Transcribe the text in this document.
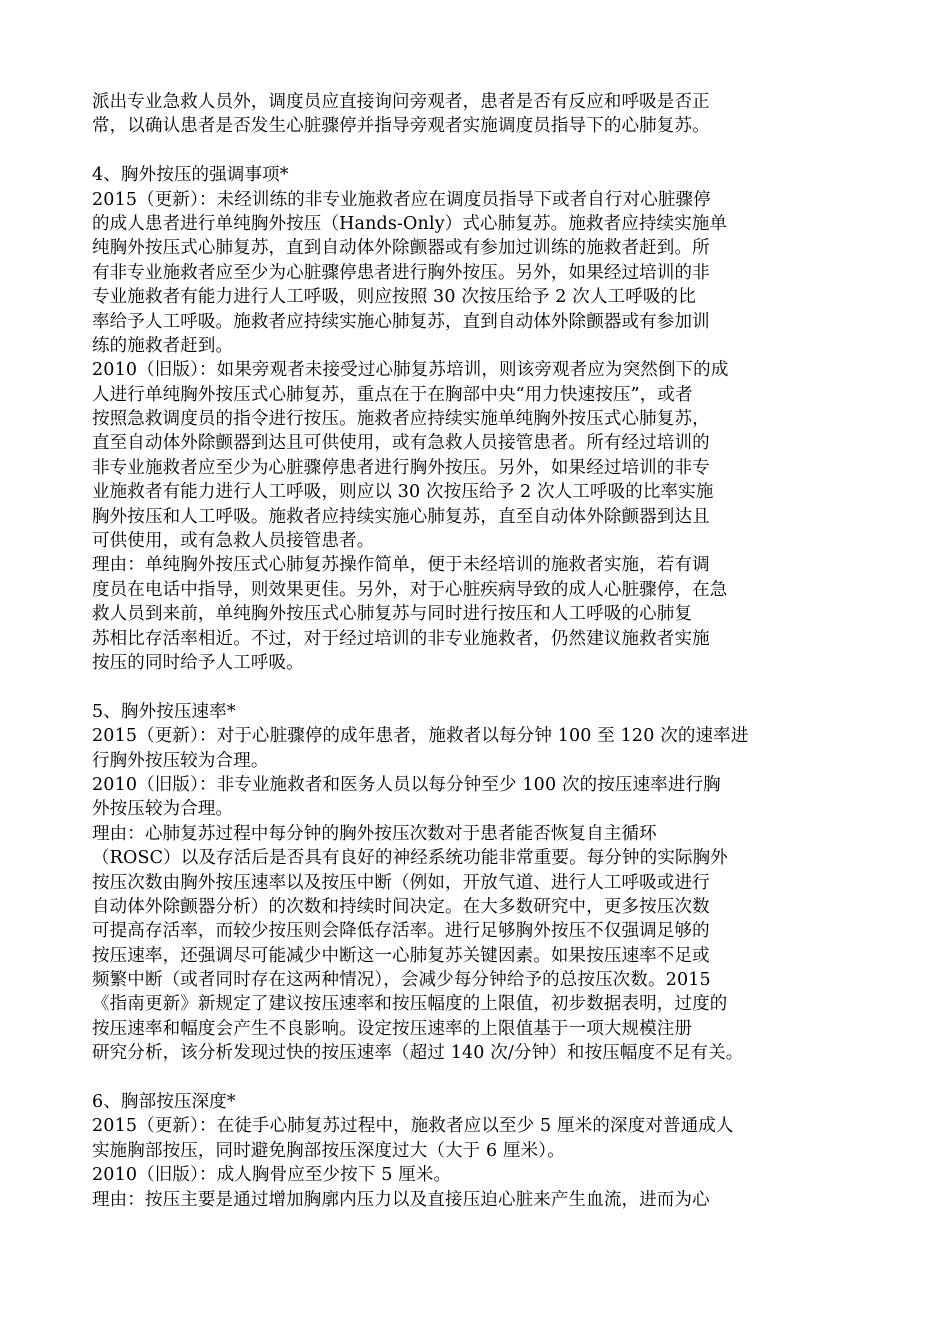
派出专业急救人员外，调度员应直接询问旁观者，患者是否有反应和呼吸是否正
常，以确认患者是否发生心脏骤停并指导旁观者实施调度员指导下的心肺复苏。
4、胸外按压的强调事项*
2015（更新）：未经训练的非专业施救者应在调度员指导下或者自行对心脏骤停
的成人患者进行单纯胸外按压（Hands-Only）式心肺复苏。施救者应持续实施单
纯胸外按压式心肺复苏，直到自动体外除颤器或有参加过训练的施救者赶到。所
有非专业施救者应至少为心脏骤停患者进行胸外按压。另外，如果经过培训的非
专业施救者有能力进行人工呼吸，则应按照 30 次按压给予 2 次人工呼吸的比
率给予人工呼吸。施救者应持续实施心肺复苏，直到自动体外除颤器或有参加训
练的施救者赶到。
2010（旧版）：如果旁观者未接受过心肺复苏培训，则该旁观者应为突然倒下的成
人进行单纯胸外按压式心肺复苏，重点在于在胸部中央“用力快速按压”，或者
按照急救调度员的指令进行按压。施救者应持续实施单纯胸外按压式心肺复苏，
直至自动体外除颤器到达且可供使用，或有急救人员接管患者。所有经过培训的
非专业施救者应至少为心脏骤停患者进行胸外按压。另外，如果经过培训的非专
业施救者有能力进行人工呼吸，则应以 30 次按压给予 2 次人工呼吸的比率实施
胸外按压和人工呼吸。施救者应持续实施心肺复苏，直至自动体外除颤器到达且
可供使用，或有急救人员接管患者。
理由：单纯胸外按压式心肺复苏操作简单，便于未经培训的施救者实施，若有调
度员在电话中指导，则效果更佳。另外，对于心脏疾病导致的成人心脏骤停，在急
救人员到来前，单纯胸外按压式心肺复苏与同时进行按压和人工呼吸的心肺复
苏相比存活率相近。不过，对于经过培训的非专业施救者，仍然建议施救者实施
按压的同时给予人工呼吸。
5、胸外按压速率*
2015（更新）：对于心脏骤停的成年患者，施救者以每分钟 100 至 120 次的速率进
行胸外按压较为合理。
2010（旧版）：非专业施救者和医务人员以每分钟至少 100 次的按压速率进行胸
外按压较为合理。
理由：心肺复苏过程中每分钟的胸外按压次数对于患者能否恢复自主循环
（ROSC）以及存活后是否具有良好的神经系统功能非常重要。每分钟的实际胸外
按压次数由胸外按压速率以及按压中断（例如，开放气道、进行人工呼吸或进行
自动体外除颤器分析）的次数和持续时间决定。在大多数研究中，更多按压次数
可提高存活率，而较少按压则会降低存活率。进行足够胸外按压不仅强调足够的
按压速率，还强调尽可能减少中断这一心肺复苏关键因素。如果按压速率不足或
频繁中断（或者同时存在这两种情况），会减少每分钟给予的总按压次数。2015
《指南更新》新规定了建议按压速率和按压幅度的上限值，初步数据表明，过度的
按压速率和幅度会产生不良影响。设定按压速率的上限值基于一项大规模注册
研究分析，该分析发现过快的按压速率（超过 140 次/分钟）和按压幅度不足有关。
6、胸部按压深度*
2015（更新）：在徒手心肺复苏过程中，施救者应以至少 5 厘米的深度对普通成人
实施胸部按压，同时避免胸部按压深度过大（大于 6 厘米）。
2010（旧版）：成人胸骨应至少按下 5 厘米。
理由：按压主要是通过增加胸廓内压力以及直接压迫心脏来产生血流，进而为心
